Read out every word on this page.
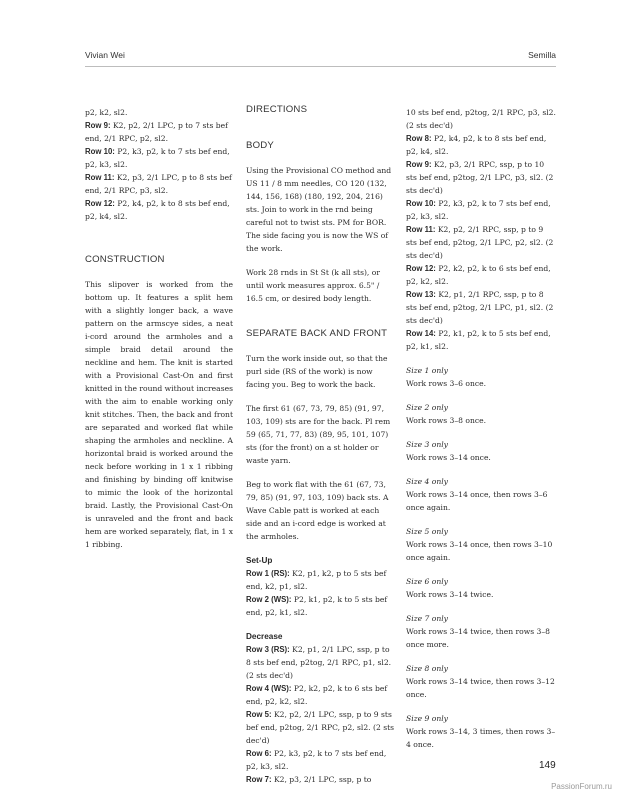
Vivian Wei	Semilla

p2, k2, sl2.

Row 9: K2, p2, 2/1 LPC, p to 7 sts bef end, 2/1 RPC, p2, sl2.

Row 10: P2, k3, p2, k to 7 sts bef end, p2, k3, sl2.

Row 11: K2, p3, 2/1 LPC, p to 8 sts bef end, 2/1 RPC, p3, sl2.

Row 12: P2, k4, p2, k to 8 sts bef end, p2, k4, sl2.

CONSTRUCTION

This slipover is worked from the bottom up. It features a split hem with a slightly longer back, a wave pattern on the armscye sides, a neat i-cord around the armholes and a simple braid detail around the neckline and hem. The knit is started with a Provisional Cast-On and first knitted in the round without increases with the aim to enable working only knit stitches. Then, the back and front are separated and worked flat while shaping the armholes and neckline. A horizontal braid is worked around the neck before working in 1 x 1 ribbing and finishing by binding off knitwise to mimic the look of the horizontal braid. Lastly, the Provisional Cast-On is unraveled and the front and back hem are worked separately, flat, in 1 x 1 ribbing.

DIRECTIONS

BODY

Using the Provisional CO method and US 11 / 8 mm needles, CO 120 (132, 144, 156, 168) (180, 192, 204, 216) sts. Join to work in the rnd being careful not to twist sts. PM for BOR. The side facing you is now the WS of the work.

Work 28 rnds in St St (k all sts), or until work measures approx. 6.5" / 16.5 cm, or desired body length.

SEPARATE BACK AND FRONT

Turn the work inside out, so that the purl side (RS of the work) is now facing you. Beg to work the back.

The first 61 (67, 73, 79, 85) (91, 97, 103, 109) sts are for the back. Pl rem 59 (65, 71, 77, 83) (89, 95, 101, 107) sts (for the front) on a st holder or waste yarn.

Beg to work flat with the 61 (67, 73, 79, 85) (91, 97, 103, 109) back sts. A Wave Cable patt is worked at each side and an i-cord edge is worked at the armholes.

Set-Up

Row 1 (RS): K2, p1, k2, p to 5 sts bef end, k2, p1, sl2.

Row 2 (WS): P2, k1, p2, k to 5 sts bef end, p2, k1, sl2.

Decrease

Row 3 (RS): K2, p1, 2/1 LPC, ssp, p to 8 sts bef end, p2tog, 2/1 RPC, p1, sl2. (2 sts dec'd)

Row 4 (WS): P2, k2, p2, k to 6 sts bef end, p2, k2, sl2.

Row 5: K2, p2, 2/1 LPC, ssp, p to 9 sts bef end, p2tog, 2/1 RPC, p2, sl2. (2 sts dec'd)

Row 6: P2, k3, p2, k to 7 sts bef end, p2, k3, sl2.

Row 7: K2, p3, 2/1 LPC, ssp, p to

10 sts bef end, p2tog, 2/1 RPC, p3, sl2. (2 sts dec'd)

Row 8: P2, k4, p2, k to 8 sts bef end, p2, k4, sl2.

Row 9: K2, p3, 2/1 RPC, ssp, p to 10 sts bef end, p2tog, 2/1 LPC, p3, sl2. (2 sts dec'd)

Row 10: P2, k3, p2, k to 7 sts bef end, p2, k3, sl2.

Row 11: K2, p2, 2/1 RPC, ssp, p to 9 sts bef end, p2tog, 2/1 LPC, p2, sl2. (2 sts dec'd)

Row 12: P2, k2, p2, k to 6 sts bef end, p2, k2, sl2.

Row 13: K2, p1, 2/1 RPC, ssp, p to 8 sts bef end, p2tog, 2/1 LPC, p1, sl2. (2 sts dec'd)

Row 14: P2, k1, p2, k to 5 sts bef end, p2, k1, sl2.

Size 1 only

Work rows 3–6 once.

Size 2 only

Work rows 3–8 once.

Size 3 only

Work rows 3–14 once.

Size 4 only

Work rows 3–14 once, then rows 3–6 once again.

Size 5 only

Work rows 3–14 once, then rows 3–10 once again.

Size 6 only

Work rows 3–14 twice.

Size 7 only

Work rows 3–14 twice, then rows 3–8 once more.

Size 8 only

Work rows 3–14 twice, then rows 3–12 once.

Size 9 only

Work rows 3–14, 3 times, then rows 3–4 once.

149
PassionForum.ru
